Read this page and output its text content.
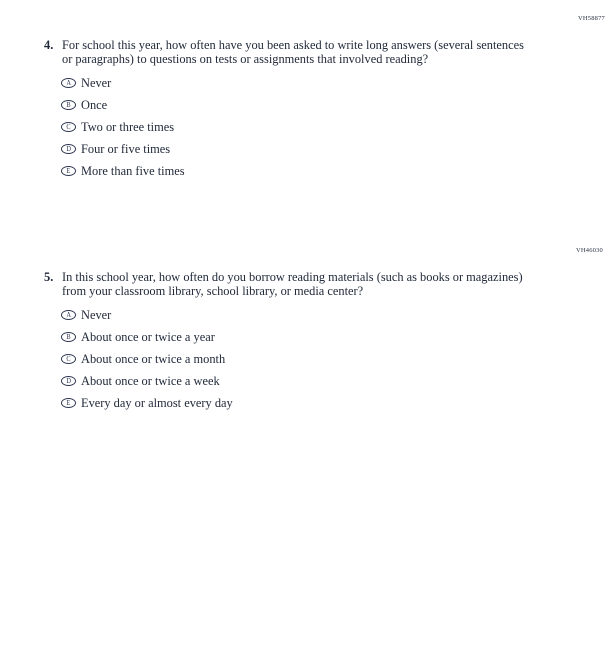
VH58877
4. For school this year, how often have you been asked to write long answers (several sentences or paragraphs) to questions on tests or assignments that involved reading?

A Never
B Once
C Two or three times
D Four or five times
E More than five times
VH46030
5. In this school year, how often do you borrow reading materials (such as books or magazines) from your classroom library, school library, or media center?

A Never
B About once or twice a year
C About once or twice a month
D About once or twice a week
E Every day or almost every day
